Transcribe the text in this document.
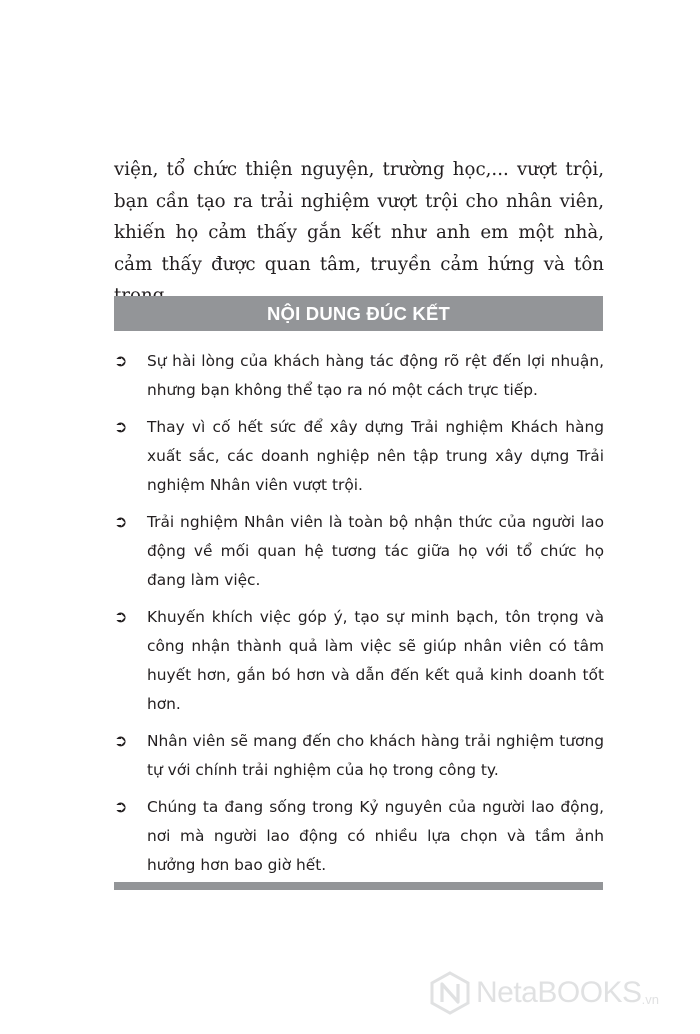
viện, tổ chức thiện nguyện, trường học,... vượt trội, bạn cần tạo ra trải nghiệm vượt trội cho nhân viên, khiến họ cảm thấy gắn kết như anh em một nhà, cảm thấy được quan tâm, truyền cảm hứng và tôn

NỘI DUNG ĐÚC KẾT
➲ Sự hài lòng của khách hàng tác động rõ rệt đến lợi nhuận, nhưng bạn không thể tạo ra nó một cách trực tiếp.
➲ Thay vì cố hết sức để xây dựng Trải nghiệm Khách hàng xuất sắc, các doanh nghiệp nên tập trung xây dựng Trải nghiệm Nhân viên vượt trội.
➲ Trải nghiệm Nhân viên là toàn bộ nhận thức của người lao động về mối quan hệ tương tác giữa họ với tổ chức họ đang làm việc.
➲ Khuyến khích việc góp ý, tạo sự minh bạch, tôn trọng và công nhận thành quả làm việc sẽ giúp nhân viên có tâm huyết hơn, gắn bó hơn và dẫn đến kết quả kinh doanh tốt hơn.
➲ Nhân viên sẽ mang đến cho khách hàng trải nghiệm tương tự với chính trải nghiệm của họ trong công ty.
➲ Chúng ta đang sống trong Kỷ nguyên của người lao động, nơi mà người lao động có nhiều lựa chọn và tầm ảnh hưởng hơn bao giờ hết.
NetaBOOKS .vn
